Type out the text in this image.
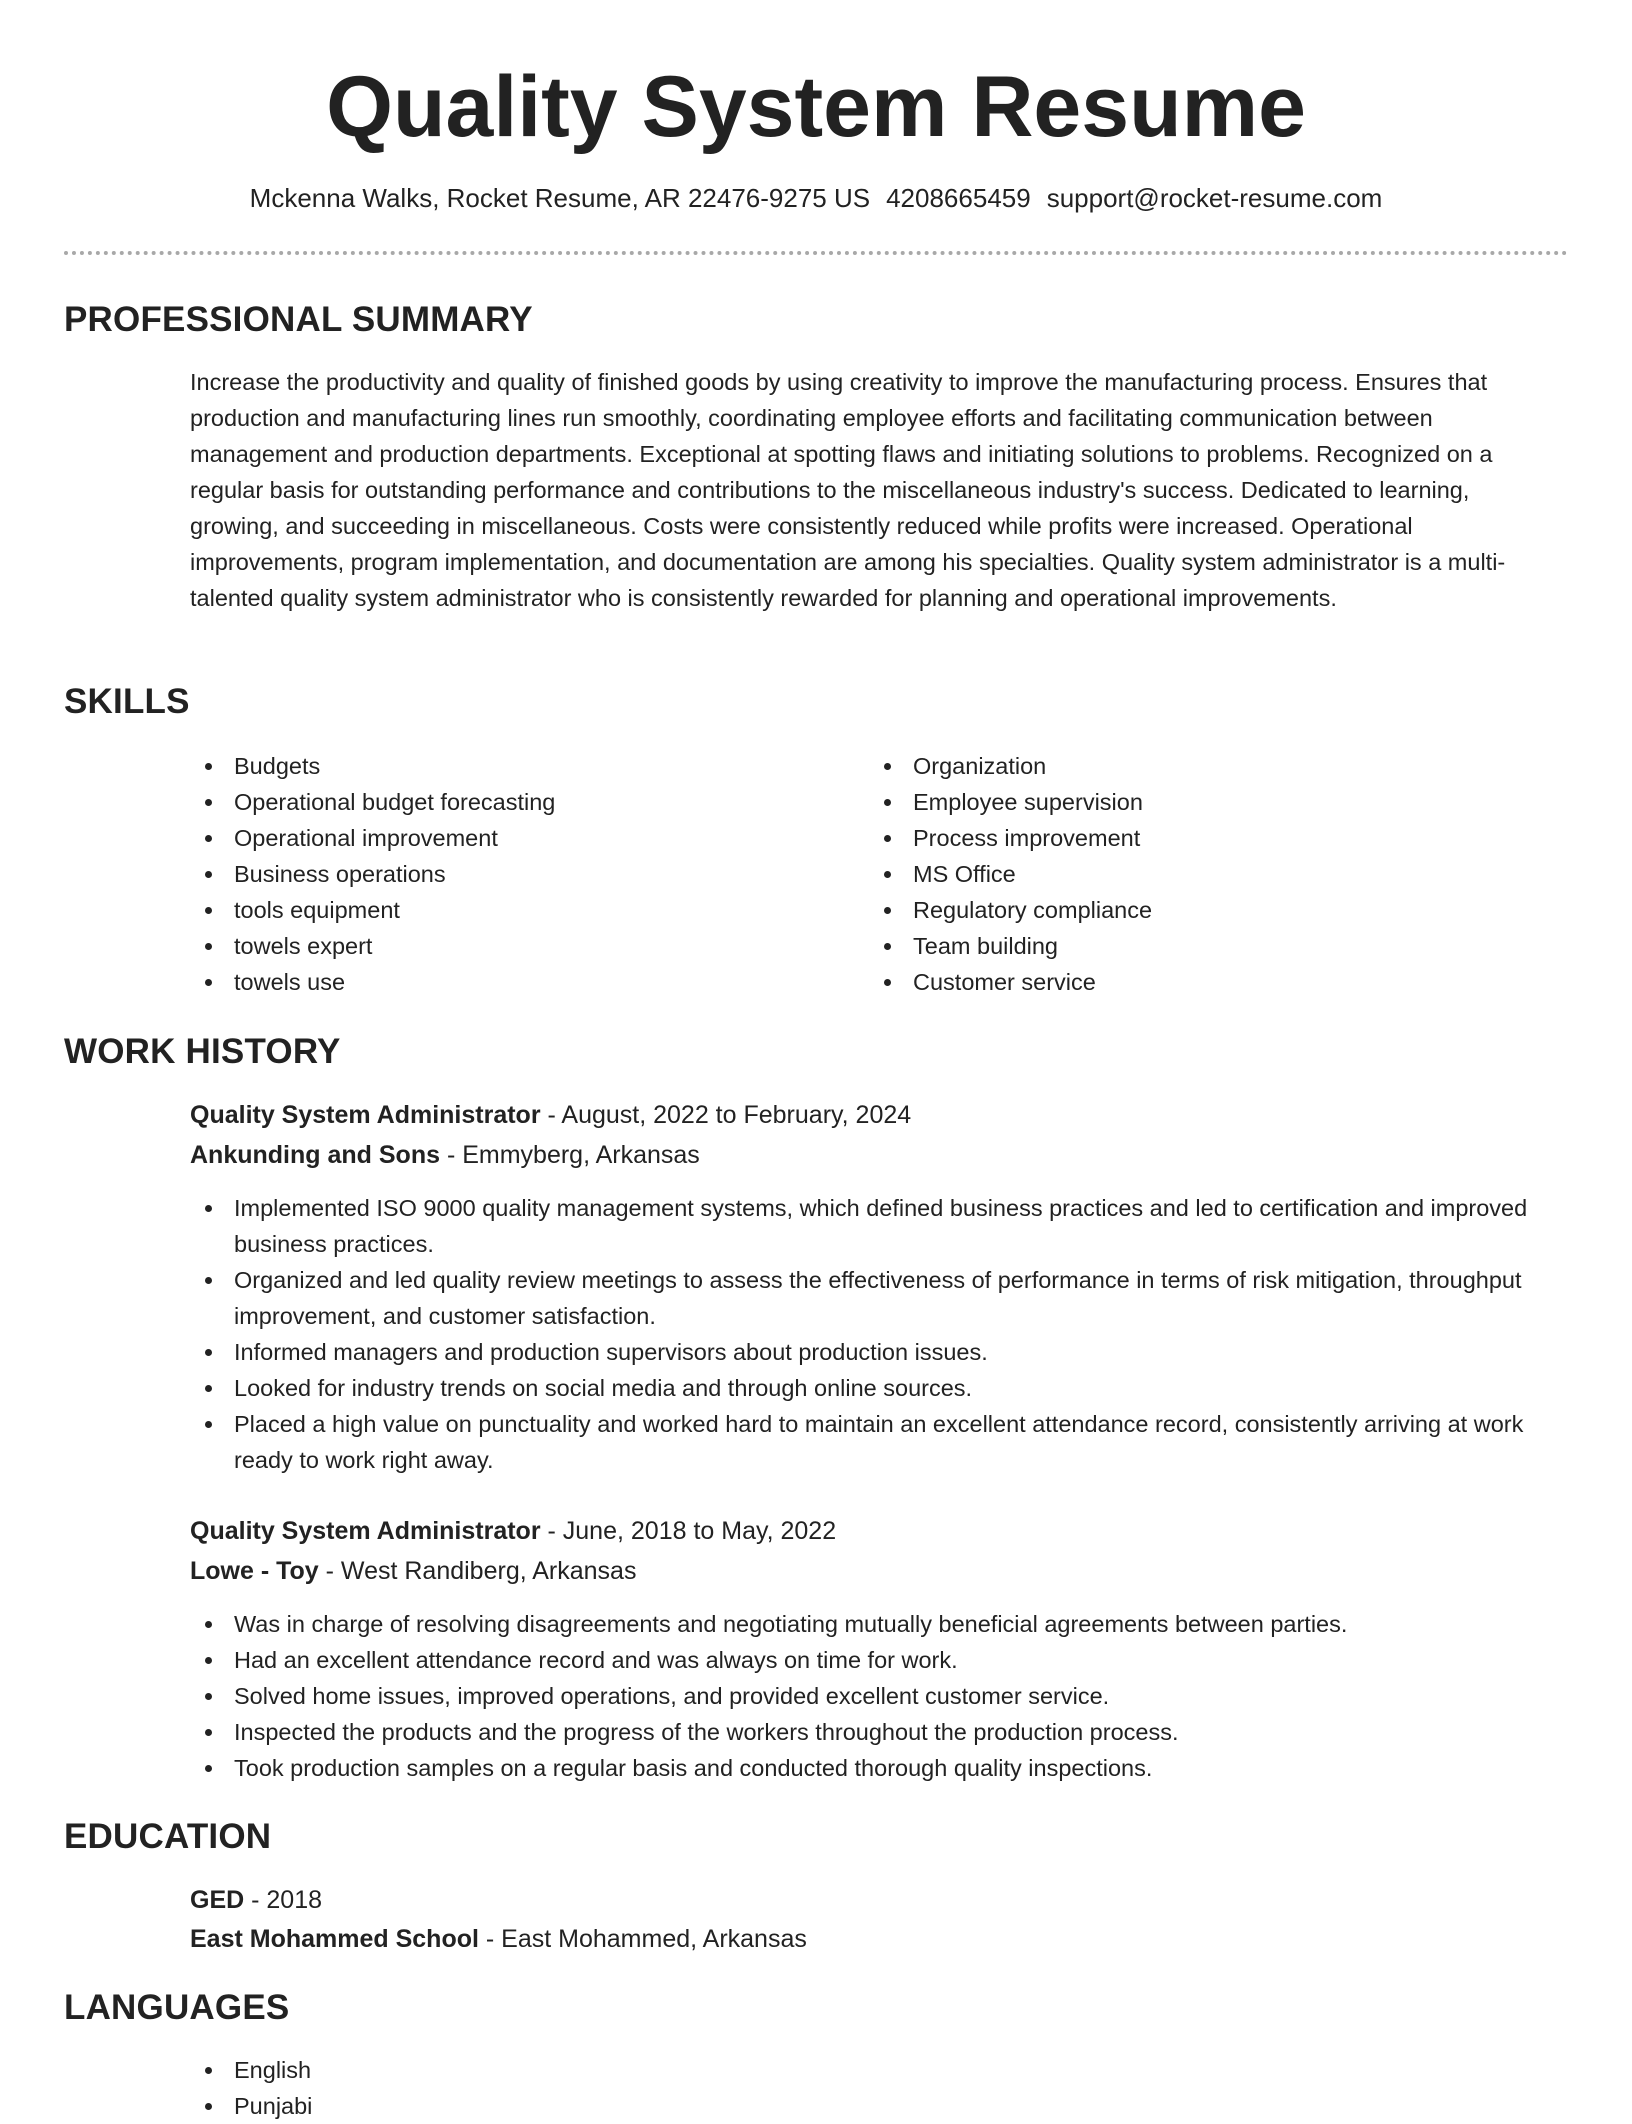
Quality System Resume
Mckenna Walks, Rocket Resume, AR 22476-9275 US 4208665459 support@rocket-resume.com
PROFESSIONAL SUMMARY

Increase the productivity and quality of finished goods by using creativity to improve the manufacturing process. Ensures that production and manufacturing lines run smoothly, coordinating employee efforts and facilitating communication between management and production departments. Exceptional at spotting flaws and initiating solutions to problems. Recognized on a regular basis for outstanding performance and contributions to the miscellaneous industry's success. Dedicated to learning, growing, and succeeding in miscellaneous. Costs were consistently reduced while profits were increased. Operational improvements, program implementation, and documentation are among his specialties. Quality system administrator is a multi-talented quality system administrator who is consistently rewarded for planning and operational improvements.

SKILLS
Budgets
Operational budget forecasting
Operational improvement
Business operations
tools equipment
towels expert
towels use
Organization
Employee supervision
Process improvement
MS Office
Regulatory compliance
Team building
Customer service
WORK HISTORY
Quality System Administrator - August, 2022 to February, 2024
Ankunding and Sons - Emmyberg, Arkansas
Implemented ISO 9000 quality management systems, which defined business practices and led to certification and improved business practices.
Organized and led quality review meetings to assess the effectiveness of performance in terms of risk mitigation, throughput improvement, and customer satisfaction.
Informed managers and production supervisors about production issues.
Looked for industry trends on social media and through online sources.
Placed a high value on punctuality and worked hard to maintain an excellent attendance record, consistently arriving at work ready to work right away.
Quality System Administrator - June, 2018 to May, 2022
Lowe - Toy - West Randiberg, Arkansas
Was in charge of resolving disagreements and negotiating mutually beneficial agreements between parties.
Had an excellent attendance record and was always on time for work.
Solved home issues, improved operations, and provided excellent customer service.
Inspected the products and the progress of the workers throughout the production process.
Took production samples on a regular basis and conducted thorough quality inspections.
EDUCATION
GED - 2018
East Mohammed School - East Mohammed, Arkansas
LANGUAGES
English
Punjabi
